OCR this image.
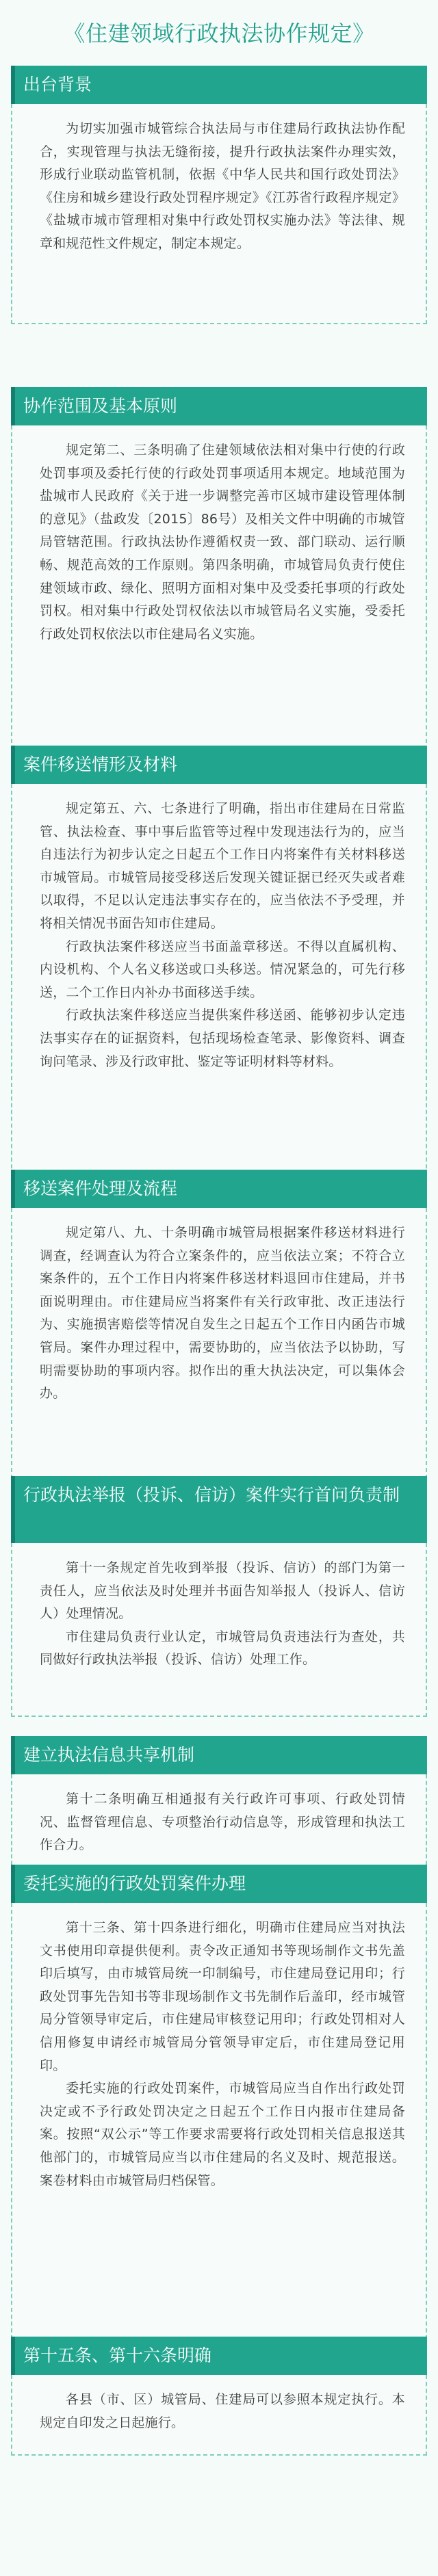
《住建领域行政执法协作规定》
出台背景

为切实加强市城管综合执法局与市住建局行政执法协作配合，实现管理与执法无缝衔接，提升行政执法案件办理实效，形成行业联动监管机制，依据《中华人民共和国行政处罚法》《住房和城乡建设行政处罚程序规定》《江苏省行政程序规定》《盐城市城市管理相对集中行政处罚权实施办法》等法律、规章和规范性文件规定，制定本规定。

协作范围及基本原则

规定第二、三条明确了住建领域依法相对集中行使的行政处罚事项及委托行使的行政处罚事项适用本规定。地域范围为盐城市人民政府《关于进一步调整完善市区城市建设管理体制的意见》（盐政发〔2015〕86号）及相关文件中明确的市城管局管辖范围。行政执法协作遵循权责一致、部门联动、运行顺畅、规范高效的工作原则。第四条明确，市城管局负责行使住建领域市政、绿化、照明方面相对集中及受委托事项的行政处罚权。相对集中行政处罚权依法以市城管局名义实施，受委托行政处罚权依法以市住建局名义实施。

案件移送情形及材料

规定第五、六、七条进行了明确，指出市住建局在日常监管、执法检查、事中事后监管等过程中发现违法行为的，应当自违法行为初步认定之日起五个工作日内将案件有关材料移送市城管局。市城管局接受移送后发现关键证据已经灭失或者难以取得，不足以认定违法事实存在的，应当依法不予受理，并将相关情况书面告知市住建局。

行政执法案件移送应当书面盖章移送。不得以直属机构、内设机构、个人名义移送或口头移送。情况紧急的，可先行移送，二个工作日内补办书面移送手续。

行政执法案件移送应当提供案件移送函、能够初步认定违法事实存在的证据资料，包括现场检查笔录、影像资料、调查询问笔录、涉及行政审批、鉴定等证明材料等材料。

移送案件处理及流程

规定第八、九、十条明确市城管局根据案件移送材料进行调查，经调查认为符合立案条件的，应当依法立案；不符合立案条件的，五个工作日内将案件移送材料退回市住建局，并书面说明理由。市住建局应当将案件有关行政审批、改正违法行为、实施损害赔偿等情况自发生之日起五个工作日内函告市城管局。案件办理过程中，需要协助的，应当依法予以协助，写明需要协助的事项内容。拟作出的重大执法决定，可以集体会办。

行政执法举报（投诉、信访）案件实行首问负责制

第十一条规定首先收到举报（投诉、信访）的部门为第一责任人，应当依法及时处理并书面告知举报人（投诉人、信访人）处理情况。

市住建局负责行业认定，市城管局负责违法行为查处，共同做好行政执法举报（投诉、信访）处理工作。

建立执法信息共享机制

第十二条明确互相通报有关行政许可事项、行政处罚情况、监督管理信息、专项整治行动信息等，形成管理和执法工作合力。

委托实施的行政处罚案件办理

第十三条、第十四条进行细化，明确市住建局应当对执法文书使用印章提供便利。责令改正通知书等现场制作文书先盖印后填写，由市城管局统一印制编号，市住建局登记用印；行政处罚事先告知书等非现场制作文书先制作后盖印，经市城管局分管领导审定后，市住建局审核登记用印；行政处罚相对人信用修复申请经市城管局分管领导审定后，市住建局登记用印。

委托实施的行政处罚案件，市城管局应当自作出行政处罚决定或不予行政处罚决定之日起五个工作日内报市住建局备案。按照“双公示”等工作要求需要将行政处罚相关信息报送其他部门的，市城管局应当以市住建局的名义及时、规范报送。案卷材料由市城管局归档保管。

第十五条、第十六条明确

各县（市、区）城管局、住建局可以参照本规定执行。本规定自印发之日起施行。
